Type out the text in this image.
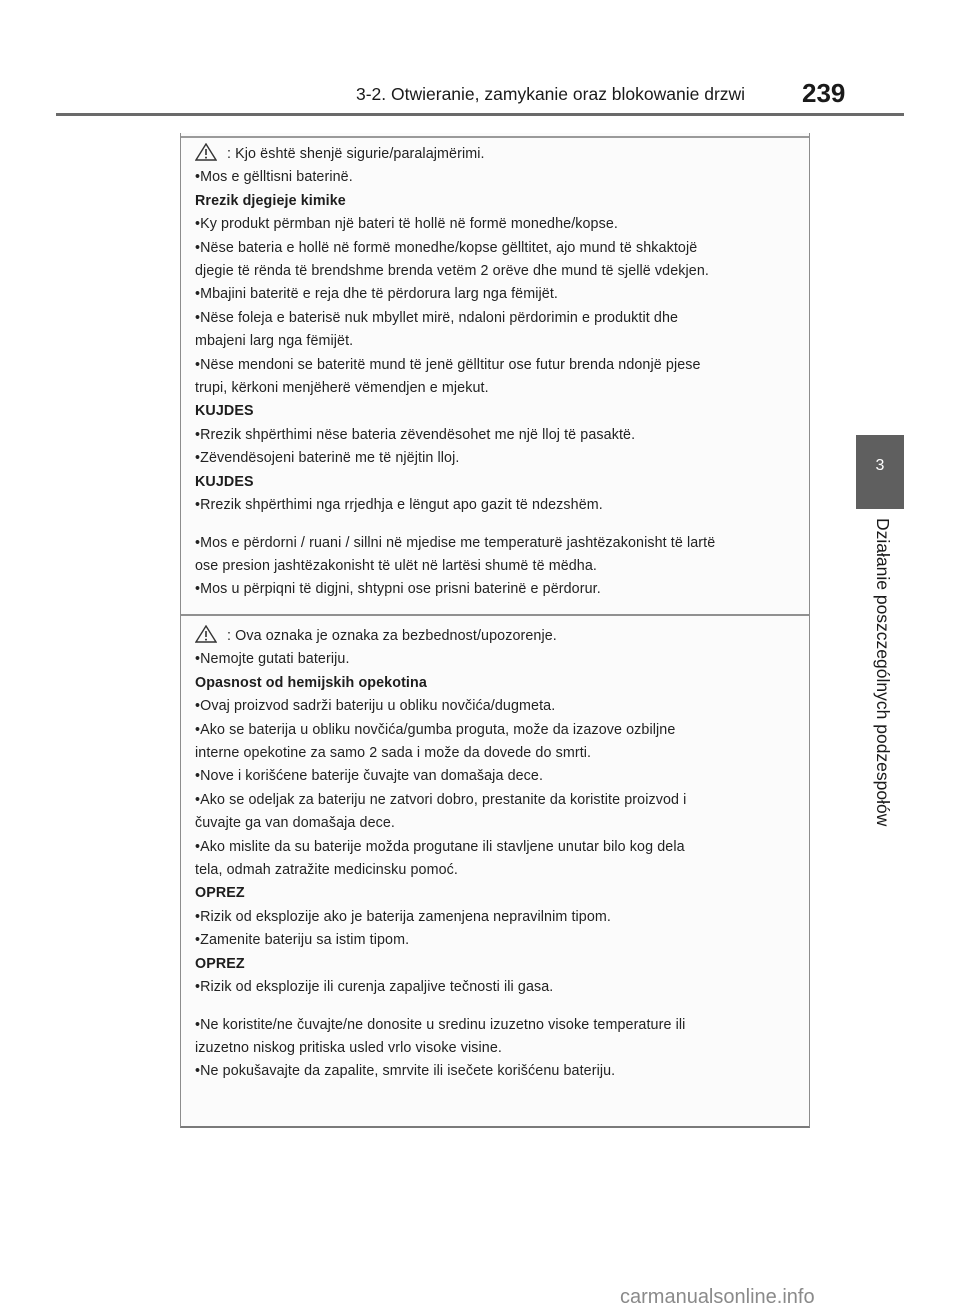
3-2. Otwieranie, zamykanie oraz blokowanie drzwi 239
3
Działanie poszczególnych podzespołów
: Kjo është shenjë sigurie/paralajmërimi.
•Mos e gëlltisni baterinë.
Rrezik djegieje kimike
•Ky produkt përmban një bateri të hollë në formë monedhe/kopse.
•Nëse bateria e hollë në formë monedhe/kopse gëlltitet, ajo mund të shkaktojë
djegie të rënda të brendshme brenda vetëm 2 orëve dhe mund të sjellë vdekjen.
•Mbajini bateritë e reja dhe të përdorura larg nga fëmijët.
•Nëse foleja e baterisë nuk mbyllet mirë, ndaloni përdorimin e produktit dhe
mbajeni larg nga fëmijët.
•Nëse mendoni se bateritë mund të jenë gëlltitur ose futur brenda ndonjë pjese
trupi, kërkoni menjëherë vëmendjen e mjekut.
KUJDES
•Rrezik shpërthimi nëse bateria zëvendësohet me një lloj të pasaktë.
•Zëvendësojeni baterinë me të njëjtin lloj.
KUJDES
•Rrezik shpërthimi nga rrjedhja e lëngut apo gazit të ndezshëm.
•Mos e përdorni / ruani / sillni në mjedise me temperaturë jashtëzakonisht të lartë
ose presion jashtëzakonisht të ulët në lartësi shumë të mëdha.
•Mos u përpiqni të digjni, shtypni ose prisni baterinë e përdorur.
: Ova oznaka je oznaka za bezbednost/upozorenje.
•Nemojte gutati bateriju.
Opasnost od hemijskih opekotina
•Ovaj proizvod sadrži bateriju u obliku novčića/dugmeta.
•Ako se baterija u obliku novčića/gumba proguta, može da izazove ozbiljne
interne opekotine za samo 2 sada i može da dovede do smrti.
•Nove i korišćene baterije čuvajte van domašaja dece.
•Ako se odeljak za bateriju ne zatvori dobro, prestanite da koristite proizvod i
čuvajte ga van domašaja dece.
•Ako mislite da su baterije možda progutane ili stavljene unutar bilo kog dela
tela, odmah zatražite medicinsku pomoć.
OPREZ
•Rizik od eksplozije ako je baterija zamenjena nepravilnim tipom.
•Zamenite bateriju sa istim tipom.
OPREZ
•Rizik od eksplozije ili curenja zapaljive tečnosti ili gasa.
•Ne koristite/ne čuvajte/ne donosite u sredinu izuzetno visoke temperature ili
izuzetno niskog pritiska usled vrlo visoke visine.
•Ne pokušavajte da zapalite, smrvite ili isečete korišćenu bateriju.
carmanualsonline.info
